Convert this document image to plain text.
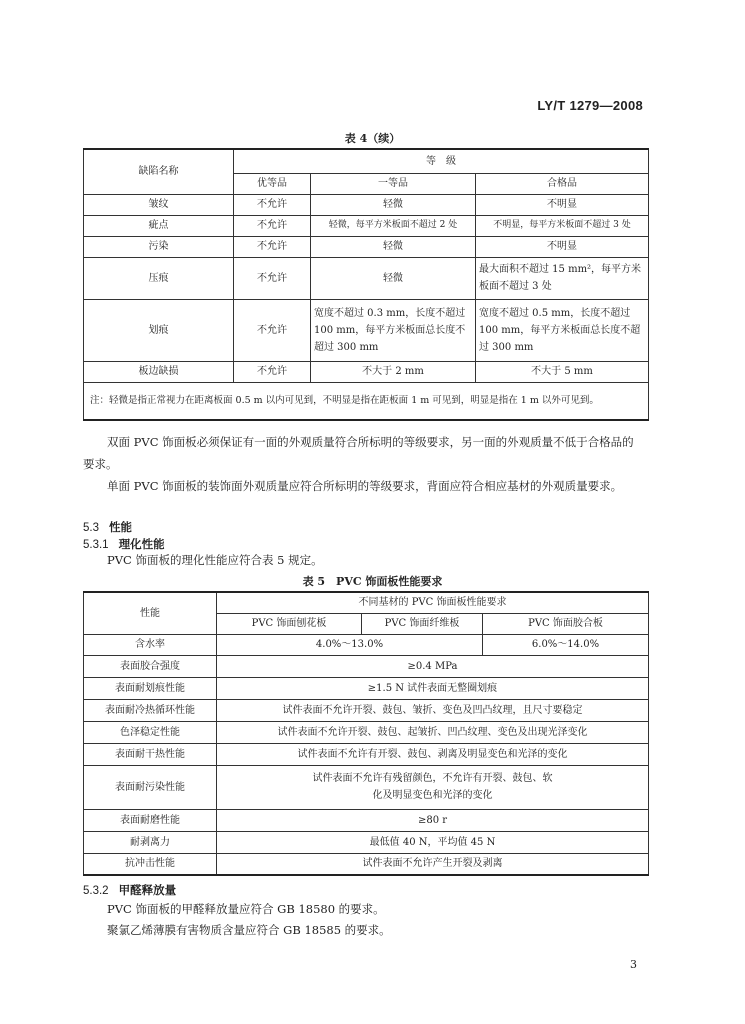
LY/T 1279—2008
表 4（续）
缺陷名称	等　级		
	优等品	一等品	合格品
皱纹	不允许	轻微	不明显
疵点	不允许	轻微，每平方米板面不超过 2 处	不明显，每平方米板面不超过 3 处
污染	不允许	轻微	不明显
压痕	不允许	轻微	最大面积不超过 15 mm²，每平方米板面不超过 3 处
划痕	不允许	宽度不超过 0.3 mm，长度不超过 100 mm，每平方米板面总长度不超过 300 mm	宽度不超过 0.5 mm，长度不超过 100 mm，每平方米板面总长度不超过 300 mm
板边缺损	不允许	不大于 2 mm	不大于 5 mm
注：轻微是指正常视力在距离板面 0.5 m 以内可见到，不明显是指在距板面 1 m 可见到，明显是指在 1 m 以外可见到。			
双面 PVC 饰面板必须保证有一面的外观质量符合所标明的等级要求，另一面的外观质量不低于合格品的要求。
单面 PVC 饰面板的装饰面外观质量应符合所标明的等级要求，背面应符合相应基材的外观质量要求。
5.3 性能
5.3.1 理化性能
PVC 饰面板的理化性能应符合表 5 规定。
表 5　PVC 饰面板性能要求
性能	不同基材的 PVC 饰面板性能要求		
	PVC 饰面刨花板	PVC 饰面纤维板	PVC 饰面胶合板
含水率	4.0%～13.0%		6.0%～14.0%
表面胶合强度	≥0.4 MPa		
表面耐划痕性能	≥1.5 N 试件表面无整圈划痕		
表面耐冷热循环性能	试件表面不允许开裂、鼓包、皱折、变色及凹凸纹理，且尺寸要稳定		
色泽稳定性能	试件表面不允许开裂、鼓包、起皱折、凹凸纹理、变色及出现光泽变化		
表面耐干热性能	试件表面不允许有开裂、鼓包、剥离及明显变色和光泽的变化		
表面耐污染性能	试件表面不允许有残留颜色，不允许有开裂、鼓包、软化及明显变色和光泽的变化		
表面耐磨性能	≥80 r		
耐剥离力	最低值 40 N，平均值 45 N		
抗冲击性能	试件表面不允许产生开裂及剥离		
5.3.2 甲醛释放量
PVC 饰面板的甲醛释放量应符合 GB 18580 的要求。
聚氯乙烯薄膜有害物质含量应符合 GB 18585 的要求。
3
